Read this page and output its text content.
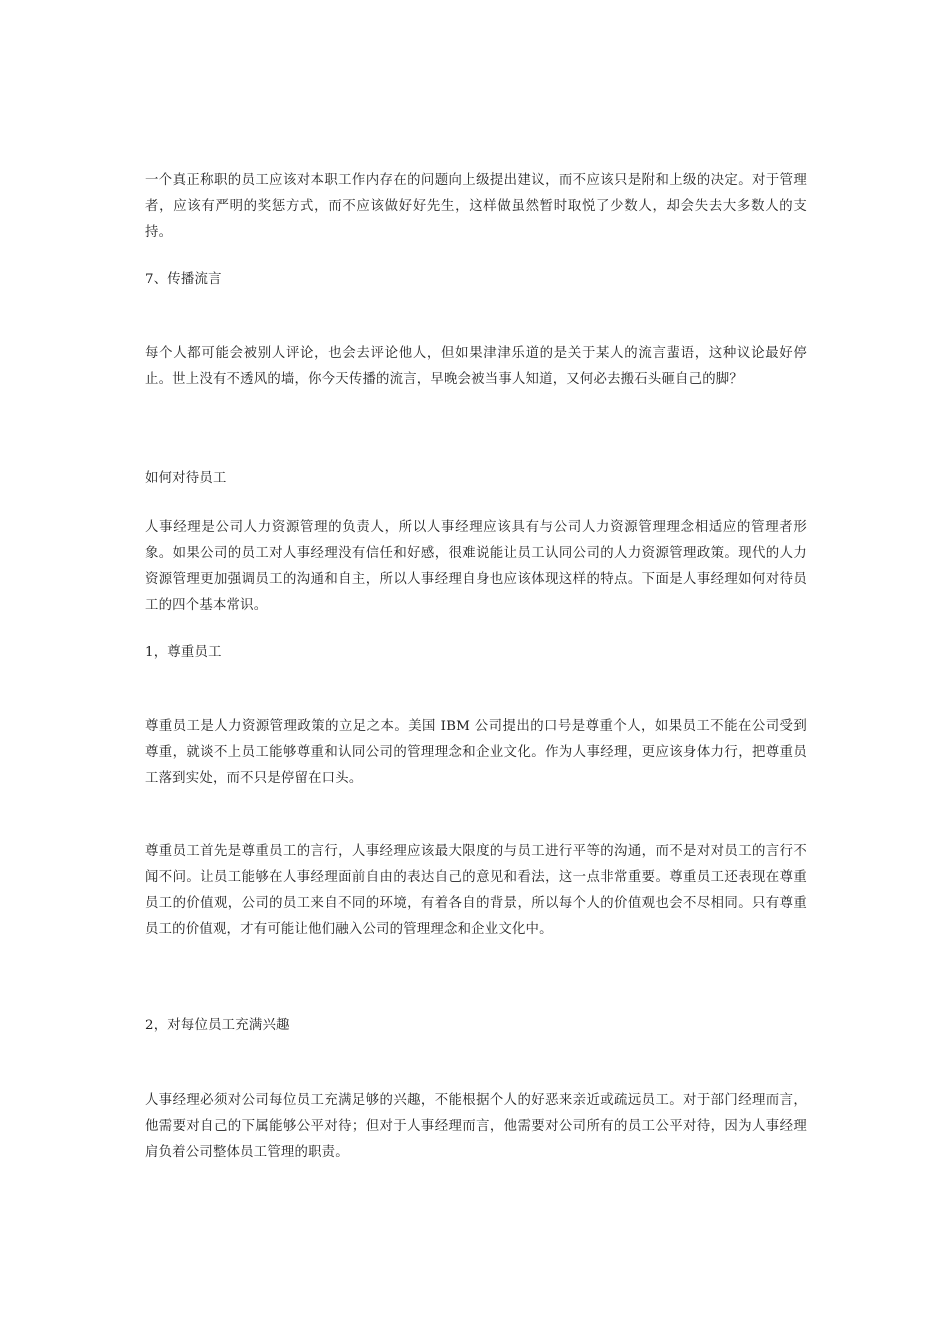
一个真正称职的员工应该对本职工作内存在的问题向上级提出建议，而不应该只是附和上级的决定。对于管理者，应该有严明的奖惩方式，而不应该做好好先生，这样做虽然暂时取悦了少数人，却会失去大多数人的支持。

7、传播流言

每个人都可能会被别人评论，也会去评论他人，但如果津津乐道的是关于某人的流言蜚语，这种议论最好停止。世上没有不透风的墙，你今天传播的流言，早晚会被当事人知道，又何必去搬石头砸自己的脚？

如何对待员工

人事经理是公司人力资源管理的负责人，所以人事经理应该具有与公司人力资源管理理念相适应的管理者形象。如果公司的员工对人事经理没有信任和好感，很难说能让员工认同公司的人力资源管理政策。现代的人力资源管理更加强调员工的沟通和自主，所以人事经理自身也应该体现这样的特点。下面是人事经理如何对待员工的四个基本常识。

1，尊重员工

尊重员工是人力资源管理政策的立足之本。美国 IBM 公司提出的口号是尊重个人，如果员工不能在公司受到尊重，就谈不上员工能够尊重和认同公司的管理理念和企业文化。作为人事经理，更应该身体力行，把尊重员工落到实处，而不只是停留在口头。

尊重员工首先是尊重员工的言行，人事经理应该最大限度的与员工进行平等的沟通，而不是对对员工的言行不闻不问。让员工能够在人事经理面前自由的表达自己的意见和看法，这一点非常重要。尊重员工还表现在尊重员工的价值观，公司的员工来自不同的环境，有着各自的背景，所以每个人的价值观也会不尽相同。只有尊重员工的价值观，才有可能让他们融入公司的管理理念和企业文化中。

2，对每位员工充满兴趣

人事经理必须对公司每位员工充满足够的兴趣，不能根据个人的好恶来亲近或疏远员工。对于部门经理而言，他需要对自己的下属能够公平对待；但对于人事经理而言，他需要对公司所有的员工公平对待，因为人事经理肩负着公司整体员工管理的职责。
